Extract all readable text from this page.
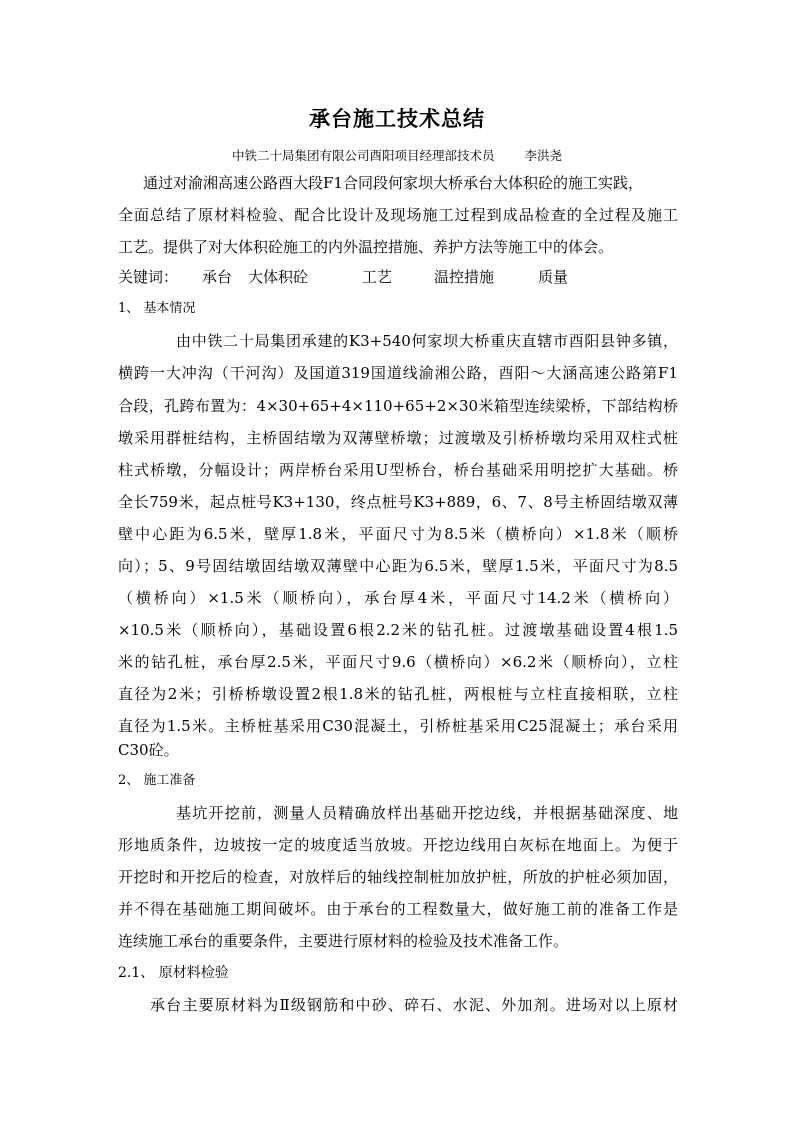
承台施工技术总结
中铁二十局集团有限公司酉阳项目经理部技术员 李洪尧
通过对渝湘高速公路酉大段F1合同段何家坝大桥承台大体积砼的施工实践，
全面总结了原材料检验、配合比设计及现场施工过程到成品检查的全过程及施工
工艺。提供了对大体积砼施工的内外温控措施、养护方法等施工中的体会。
关键词： 承台 大体积砼	工艺	温控措施	质量
1、 基本情况
由中铁二十局集团承建的K3+540何家坝大桥重庆直辖市酉阳县钟多镇，
横跨一大冲沟（干河沟）及国道319国道线渝湘公路，酉阳～大涵高速公路第F1
合段，孔跨布置为：4×30+65+4×110+65+2×30米箱型连续梁桥，下部结构桥
墩采用群桩结构，主桥固结墩为双薄壁桥墩；过渡墩及引桥桥墩均采用双柱式桩
柱式桥墩，分幅设计；两岸桥台采用U型桥台，桥台基础采用明挖扩大基础。桥
全长759米，起点桩号K3+130，终点桩号K3+889，6、7、8号主桥固结墩双薄
壁中心距为6.5米，壁厚1.8米，平面尺寸为8.5米（横桥向）×1.8米（顺桥
向）；5、9号固结墩固结墩双薄壁中心距为6.5米，壁厚1.5米，平面尺寸为8.5
（横桥向）×1.5米（顺桥向），承台厚4米，平面尺寸14.2米（横桥向）
×10.5米（顺桥向），基础设置6根2.2米的钻孔桩。过渡墩基础设置4根1.5
米的钻孔桩，承台厚2.5米，平面尺寸9.6（横桥向）×6.2米（顺桥向），立柱
直径为2米；引桥桥墩设置2根1.8米的钻孔桩，两根桩与立柱直接相联，立柱
直径为1.5米。主桥桩基采用C30混凝土，引桥桩基采用C25混凝土；承台采用
C30砼。
2、 施工准备
基坑开挖前，测量人员精确放样出基础开挖边线，并根据基础深度、地
形地质条件，边坡按一定的坡度适当放坡。开挖边线用白灰标在地面上。为便于
开挖时和开挖后的检查，对放样后的轴线控制桩加放护桩，所放的护桩必须加固，
并不得在基础施工期间破坏。由于承台的工程数量大，做好施工前的准备工作是
连续施工承台的重要条件，主要进行原材料的检验及技术准备工作。
2.1、 原材料检验
承台主要原材料为Ⅱ级钢筋和中砂、碎石、水泥、外加剂。进场对以上原材
